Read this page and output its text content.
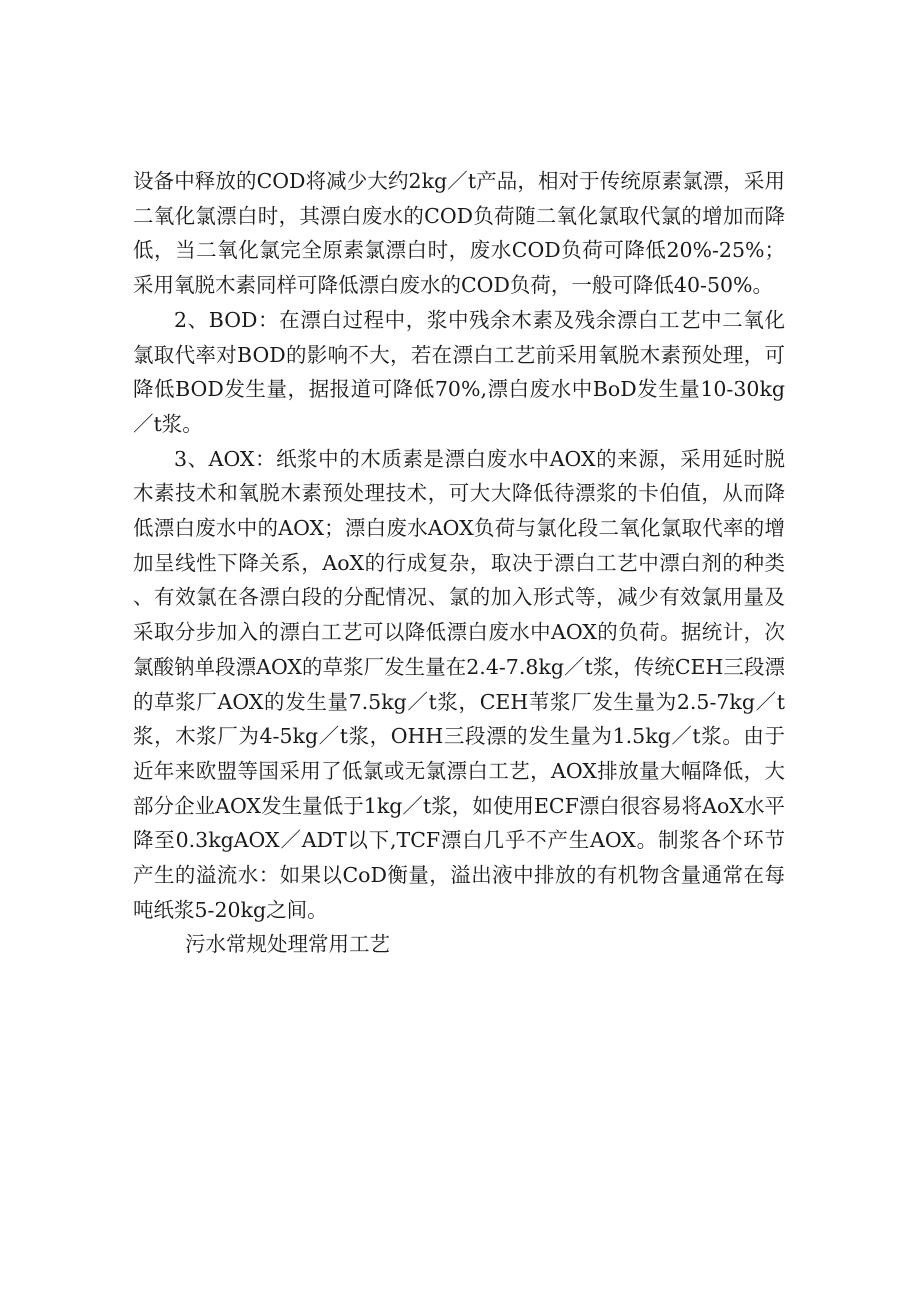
设备中释放的COD将减少大约2kg／t产品，相对于传统原素氯漂，采用二氧化氯漂白时，其漂白废水的COD负荷随二氧化氯取代氯的增加而降低，当二氧化氯完全原素氯漂白时，废水COD负荷可降低20%-25%；采用氧脱木素同样可降低漂白废水的COD负荷，一般可降低40-50%。

2、BOD：在漂白过程中，浆中残余木素及残余漂白工艺中二氧化氯取代率对BOD的影响不大，若在漂白工艺前采用氧脱木素预处理，可降低BOD发生量，据报道可降低70%,漂白废水中BoD发生量10-30kg／t浆。

3、AOX：纸浆中的木质素是漂白废水中AOX的来源，采用延时脱木素技术和氧脱木素预处理技术，可大大降低待漂浆的卡伯值，从而降低漂白废水中的AOX；漂白废水AOX负荷与氯化段二氧化氯取代率的增加呈线性下降关系，AoX的行成复杂，取决于漂白工艺中漂白剂的种类、有效氯在各漂白段的分配情况、氯的加入形式等，减少有效氯用量及采取分步加入的漂白工艺可以降低漂白废水中AOX的负荷。据统计，次氯酸钠单段漂AOX的草浆厂发生量在2.4-7.8kg／t浆，传统CEH三段漂的草浆厂AOX的发生量7.5kg／t浆，CEH苇浆厂发生量为2.5-7kg／t浆，木浆厂为4-5kg／t浆，OHH三段漂的发生量为1.5kg／t浆。由于近年来欧盟等国采用了低氯或无氯漂白工艺，AOX排放量大幅降低，大部分企业AOX发生量低于1kg／t浆，如使用ECF漂白很容易将AoX水平降至0.3kgAOX／ADT以下,TCF漂白几乎不产生AOX。制浆各个环节产生的溢流水：如果以CoD衡量，溢出液中排放的有机物含量通常在每吨纸浆5-20kg之间。

污水常规处理常用工艺
